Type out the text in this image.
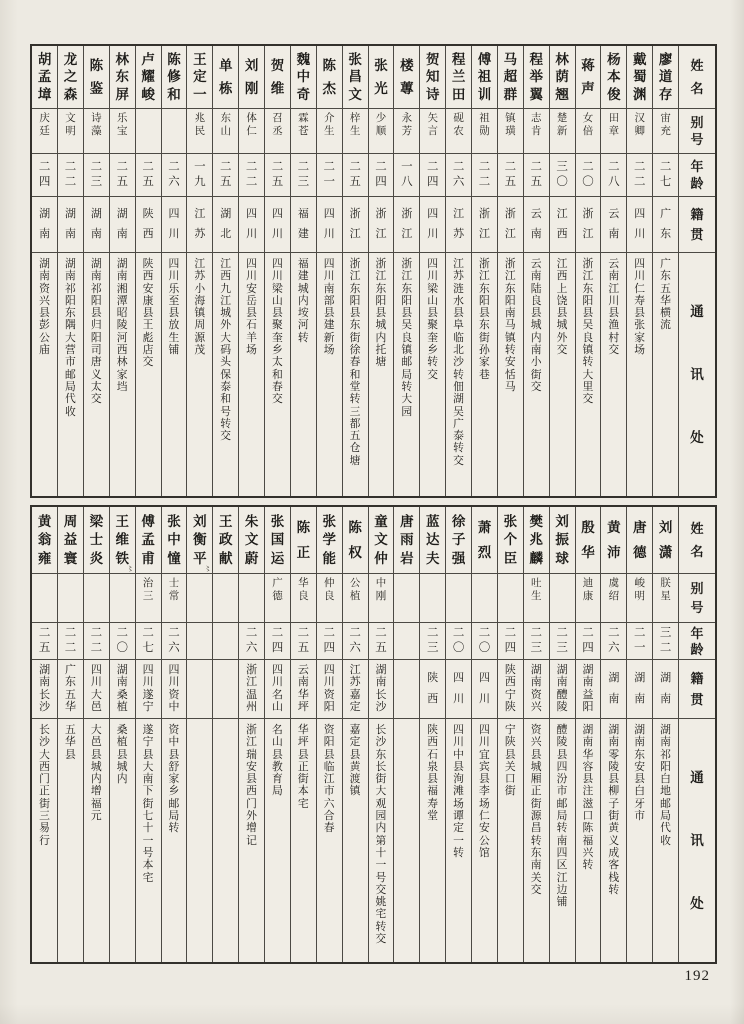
姓
名
别
号
年
龄
籍
贯
通
讯
处
廖
道
存
宙
充
二
七
广
东
广
东
五
华
横
流
戴
蜀
渊
汉
卿
二
二
四
川
四
川
仁
寿
县
张
家
场
杨
本
俊
田
章
二
八
云
南
云
南
江
川
县
渔
村
交
蒋
声
女
倍
二
〇
浙
江
浙
江
东
阳
县
吴
良
镇
转
大
里
交
林
荫
翘
楚
新
三
〇
江
西
江
西
上
饶
县
城
外
交
程
举
翼
志
肯
二
五
云
南
云
南
陆
良
县
城
内
南
小
街
交
马
超
群
镇
璜
二
五
浙
江
浙
江
东
阳
南
马
镇
转
安
恬
马
傅
祖
训
祖
勋
二
二
浙
江
浙
江
东
阳
县
东
街
孙
家
巷
程
兰
田
砚
农
二
六
江
苏
江
苏
涟
水
县
阜
临
北
沙
转
佃
湖
吴
广
泰
转
交
贺
知
诗
矢
言
二
四
四
川
四
川
梁
山
县
聚
奎
乡
转
交
楼
蓴
永
芳
一
八
浙
江
浙
江
东
阳
县
吴
良
镇
邮
局
转
大
园
张
光
少
顺
二
四
浙
江
浙
江
东
阳
县
城
内
托
塘
张
昌
文
梓
生
二
五
浙
江
浙
江
东
阳
县
东
街
徐
春
和
堂
转
三
都
五
仓
塘
陈
杰
介
生
二
一
四
川
四
川
南
部
县
建
新
场
魏
中
奇
霖
苍
二
三
福
建
福
建
城
内
垵
河
转
贺
维
召
丞
二
五
四
川
四
川
梁
山
县
聚
奎
乡
太
和
春
交
刘
刚
体
仁
二
二
四
川
四
川
安
岳
县
石
羊
场
单
栋
东
山
二
五
湖
北
江
西
九
江
城
外
大
码
头
保
泰
和
号
转
交
王
定
一
兆
民
一
九
江
苏
江
苏
小
海
镇
周
源
茂
陈
修
和
二
六
四
川
四
川
乐
至
县
放
生
铺
卢
耀
峻
二
五
陕
西
陕
西
安
康
县
王
彪
店
交
林
东
屏
乐
宝
二
五
湖
南
湖
南
湘
潭
昭
陵
河
西
林
家
垱
陈
鉴
诗
藻
二
三
湖
南
湖
南
祁
阳
县
归
阳
司
唐
义
太
交
龙
之
森
文
明
二
二
湖
南
湖
南
祁
阳
东
隅
大
营
市
邮
局
代
收
胡
孟
墇
庆
廷
二
四
湖
南
湖
南
资
兴
县
彭
公
庙
姓
名
别
号
年
龄
籍
贯
通
讯
处
刘
潇
朕
星
三
二
湖
南
湖
南
祁
阳
白
地
邮
局
代
收
唐
德
峻
明
二
一
湖
南
湖
南
东
安
县
白
牙
市
黄
沛
虞
绍
二
六
湖
南
湖
南
零
陵
县
柳
子
街
黄
义
成
客
栈
转
殷
华
迪
康
二
四
湖
南
益
阳
湖
南
华
容
县
注
滋
口
陈
福
兴
转
刘
振
球
二
三
湖
南
醴
陵
醴
陵
县
四
汾
市
邮
局
转
南
四
区
江
边
铺
樊
兆
麟
吐
生
二
三
湖
南
资
兴
资
兴
县
城
厢
正
街
源
昌
转
东
南
关
交
张
个
臣
二
四
陕
西
宁
陕
宁
陕
县
关
口
街
萧
烈
二
〇
四
川
四
川
宜
宾
县
李
场
仁
安
公
馆
徐
子
强
二
〇
四
川
四
川
中
县
洵
滩
场
谭
定
一
转
蓝
达
夫
二
三
陕
西
陕
西
石
泉
县
福
寿
堂
唐
雨
岩
童
文
仲
中
刚
二
五
湖
南
长
沙
长
沙
东
长
街
大
观
园
内
第
十
一
号
交
姚
宅
转
交
陈
权
公
植
二
六
江
苏
嘉
定
嘉
定
县
黄
渡
镇
张
学
能
仲
良
二
四
四
川
资
阳
资
阳
县
临
江
市
六
合
春
陈
正
华
良
二
五
云
南
华
坪
华
坪
县
正
街
本
宅
张
国
运
广
德
二
四
四
川
名
山
名
山
县
教
育
局
朱
文
蔚
二
六
浙
江
温
州
浙
江
瑞
安
县
西
门
外
增
记
王
政
献
刘
衡
平
〻
张
中
憧
士
常
二
六
四
川
资
中
资
中
县
舒
家
乡
邮
局
转
傅
孟
甫
治
三
二
七
四
川
遂
宁
遂
宁
县
大
南
下
街
七
十
一
号
本
宅
王
维
铁
〻
二
〇
湖
南
桑
植
桑
植
县
城
内
梁
士
炎
二
二
四
川
大
邑
大
邑
县
城
内
增
福
元
周
益
寰
二
二
广
东
五
华
五
华
县
黄
翁
雍
二
五
湖
南
长
沙
长
沙
大
西
门
正
街
三
易
行
192
